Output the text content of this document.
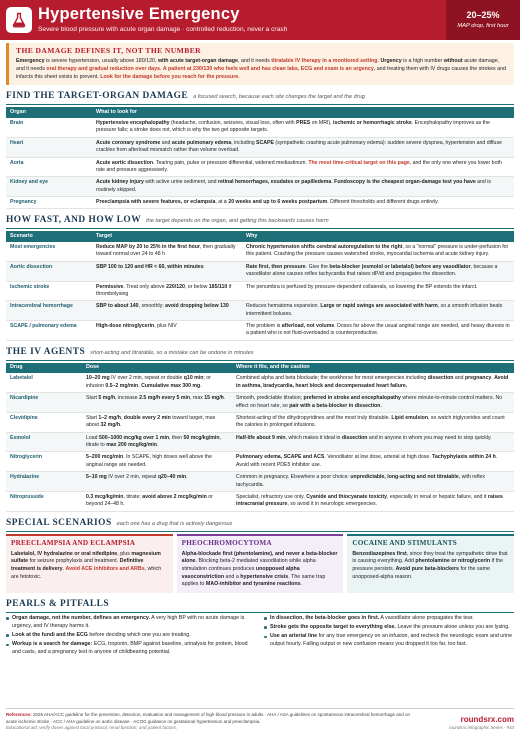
Hypertensive Emergency
Severe blood pressure with acute organ damage · controlled reduction, never a crash
20–25%
MAP drop, first hour
THE DAMAGE DEFINES IT, NOT THE NUMBER

Emergency is severe hypertension, usually above 180/120, with acute target-organ damage, and it needs titratable IV therapy in a monitored setting. Urgency is a high number without acute damage, and it needs oral therapy and gradual reduction over days. A patient at 230/130 who feels well and has clean labs, ECG and exam is an urgency, and treating them with IV drugs causes the strokes and infarcts this sheet exists to prevent. Look for the damage before you reach for the pressure.

FIND THE TARGET-ORGAN DAMAGE a focused search, because each site changes the target and the drug
Organ	What to look for
Brain	Hypertensive encephalopathy (headache, confusion, seizures, visual loss, often with PRES on MRI), ischemic or hemorrhagic stroke. Encephalopathy improves as the pressure falls; a stroke does not, which is why the two get opposite targets.
Heart	Acute coronary syndrome and acute pulmonary edema, including SCAPE (sympathetic crashing acute pulmonary edema): sudden severe dyspnea, hypertension and diffuse crackles from afterload mismatch rather than volume overload.
Aorta	Acute aortic dissection. Tearing pain, pulse or pressure differential, widened mediastinum. The most time-critical target on this page, and the only one where you lower both rate and pressure aggressively.
Kidney and eye	Acute kidney injury with active urine sediment, and retinal hemorrhages, exudates or papilledema. Fundoscopy is the cheapest organ-damage test you have and is routinely skipped.
Pregnancy	Preeclampsia with severe features, or eclampsia, at ≥ 20 weeks and up to 6 weeks postpartum. Different thresholds and different drugs entirely.
HOW FAST, AND HOW LOW the target depends on the organ, and getting this backwards causes harm
Scenario	Target	Why
Most emergencies	Reduce MAP by 20 to 25% in the first hour, then gradually toward normal over 24 to 48 h	Chronic hypertension shifts cerebral autoregulation to the right, so a "normal" pressure is under-perfusion for this patient. Crashing the pressure causes watershed stroke, myocardial ischemia and acute kidney injury.
Aortic dissection	SBP 100 to 120 and HR < 60, within minutes	Rate first, then pressure. Give the beta-blocker (esmolol or labetalol) before any vasodilator, because a vasodilator alone causes reflex tachycardia that raises dP/dt and propagates the dissection.
Ischemic stroke	Permissive. Treat only above 220/120, or below 185/110 if thrombolysing	The penumbra is perfused by pressure-dependent collaterals, so lowering the BP extends the infarct.
Intracerebral hemorrhage	SBP to about 140, smoothly; avoid dropping below 130	Reduces hematoma expansion. Large or rapid swings are associated with harm, so a smooth infusion beats intermittent boluses.
SCAPE / pulmonary edema	High-dose nitroglycerin, plus NIV	The problem is afterload, not volume. Doses far above the usual anginal range are needed, and heavy diuresis in a patient who is not fluid-overloaded is counterproductive.
THE IV AGENTS short-acting and titratable, so a mistake can be undone in minutes
Drug	Dose	Where it fits, and the caution
Labetalol	10–20 mg IV over 2 min, repeat or double q10 min; or infusion 0.5–2 mg/min. Cumulative max 300 mg.	Combined alpha and beta blockade; the workhorse for most emergencies including dissection and pregnancy. Avoid in asthma, bradycardia, heart block and decompensated heart failure.
Nicardipine	Start 5 mg/h, increase 2.5 mg/h every 5 min, max 15 mg/h.	Smooth, predictable titration; preferred in stroke and encephalopathy where minute-to-minute control matters. No effect on heart rate, so pair with a beta-blocker in dissection.
Clevidipine	Start 1–2 mg/h, double every 2 min toward target, max about 32 mg/h.	Shortest-acting of the dihydropyridines and the most truly titratable. Lipid emulsion, so watch triglycerides and count the calories in prolonged infusions.
Esmolol	Load 500–1000 mcg/kg over 1 min, then 50 mcg/kg/min, titrate to max 200 mcg/kg/min.	Half-life about 9 min, which makes it ideal in dissection and in anyone in whom you may need to stop quickly.
Nitroglycerin	5–200 mcg/min. In SCAPE, high doses well above the anginal range are needed.	Pulmonary edema, SCAPE and ACS. Venodilator at low dose, arterial at high dose. Tachyphylaxis within 24 h. Avoid with recent PDE5 inhibitor use.
Hydralazine	5–10 mg IV over 2 min, repeat q20–40 min.	Common in pregnancy. Elsewhere a poor choice: unpredictable, long-acting and not titratable, with reflex tachycardia.
Nitroprusside	0.3 mcg/kg/min, titrate; avoid above 2 mcg/kg/min or beyond 24–48 h.	Specialist, refractory use only. Cyanide and thiocyanate toxicity, especially in renal or hepatic failure, and it raises intracranial pressure, so avoid it in neurologic emergencies.
SPECIAL SCENARIOS each one has a drug that is actively dangerous
PREECLAMPSIA AND ECLAMPSIA

Labetalol, IV hydralazine or oral nifedipine, plus magnesium sulfate for seizure prophylaxis and treatment. Definitive treatment is delivery. Avoid ACE inhibitors and ARBs, which are fetotoxic.

PHEOCHROMOCYTOMA

Alpha-blockade first (phentolamine), and never a beta-blocker alone. Blocking beta-2 mediated vasodilation while alpha stimulation continues produces unopposed alpha vasoconstriction and a hypertensive crisis. The same trap applies to MAO-inhibitor and tyramine reactions.

COCAINE AND STIMULANTS

Benzodiazepines first, since they treat the sympathetic drive that is causing everything. Add phentolamine or nitroglycerin if the pressure persists. Avoid pure beta-blockers for the same unopposed-alpha reason.

PEARLS & PITFALLS
Organ damage, not the number, defines an emergency. A very high BP with no acute damage is urgency, and IV therapy harms it.
Look at the fundi and the ECG before deciding which one you are treating.
Workup is a search for damage: ECG, troponin, BMP against baseline, urinalysis for protein, blood and casts, and a pregnancy test in anyone of childbearing potential.
In dissection, the beta-blocker goes in first. A vasodilator alone propagates the tear.
Stroke gets the opposite target to everything else. Leave the pressure alone unless you are lysing.
Use an arterial line for any true emergency on an infusion, and recheck the neurologic exam and urine output hourly. Falling output or new confusion means you dropped it too far, too fast.
References: 2025 AHA/ACC guideline for the prevention, detection, evaluation and management of high blood pressure in adults · AHA / ASA guidelines on spontaneous intracerebral hemorrhage and on acute ischemic stroke · ACC / AHA guideline on aortic disease · ACOG guidance on gestational hypertension and preeclampsia.
Educational aid; verify doses against local protocol, renal function, and patient factors.
roundsrx.com
roundsrx Infographic Series · #43
